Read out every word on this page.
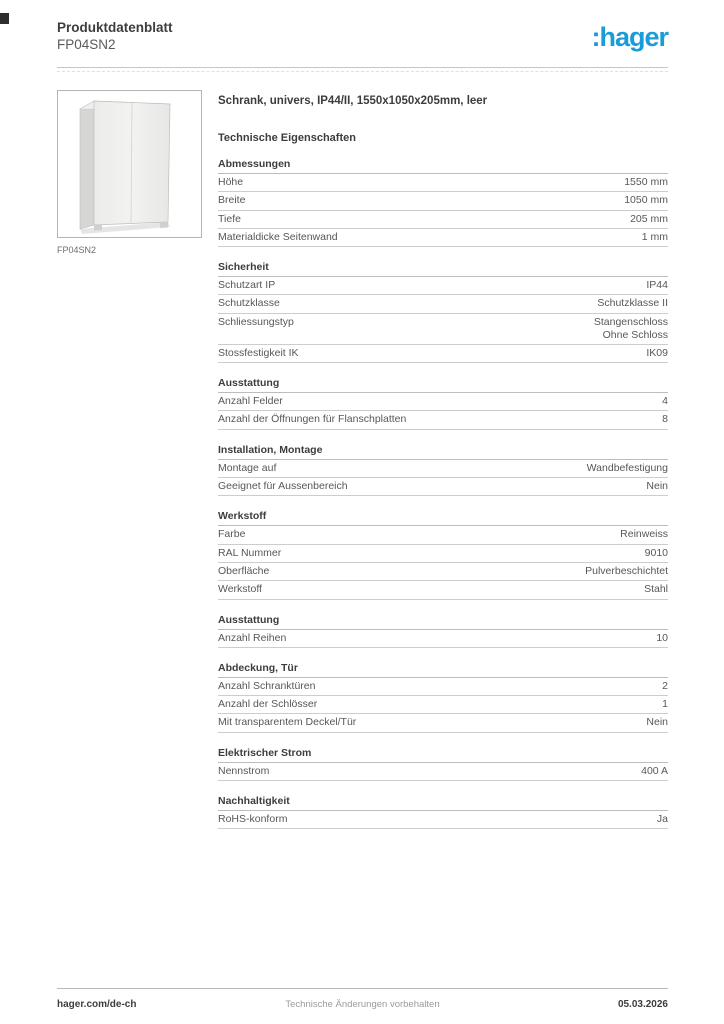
Produktdatenblatt
FP04SN2	:hager
FP04SN2
Schrank, univers, IP44/II, 1550x1050x205mm, leer
Technische Eigenschaften
Abmessungen
Höhe	1550 mm
Breite	1050 mm
Tiefe	205 mm
Materialdicke Seitenwand	1 mm
Sicherheit
Schutzart IP	IP44
Schutzklasse	Schutzklasse II
Schliessungstyp	Stangenschloss
Ohne Schloss
Stossfestigkeit IK	IK09
Ausstattung
Anzahl Felder	4
Anzahl der Öffnungen für Flanschplatten	8
Installation, Montage
Montage auf	Wandbefestigung
Geeignet für Aussenbereich	Nein
Werkstoff
Farbe	Reinweiss
RAL Nummer	9010
Oberfläche	Pulverbeschichtet
Werkstoff	Stahl
Ausstattung
Anzahl Reihen	10
Abdeckung, Tür
Anzahl Schranktüren	2
Anzahl der Schlösser	1
Mit transparentem Deckel/Tür	Nein
Elektrischer Strom
Nennstrom	400 A
Nachhaltigkeit
RoHS-konform	Ja
hager.com/de-ch	Technische Änderungen vorbehalten	05.03.2026
